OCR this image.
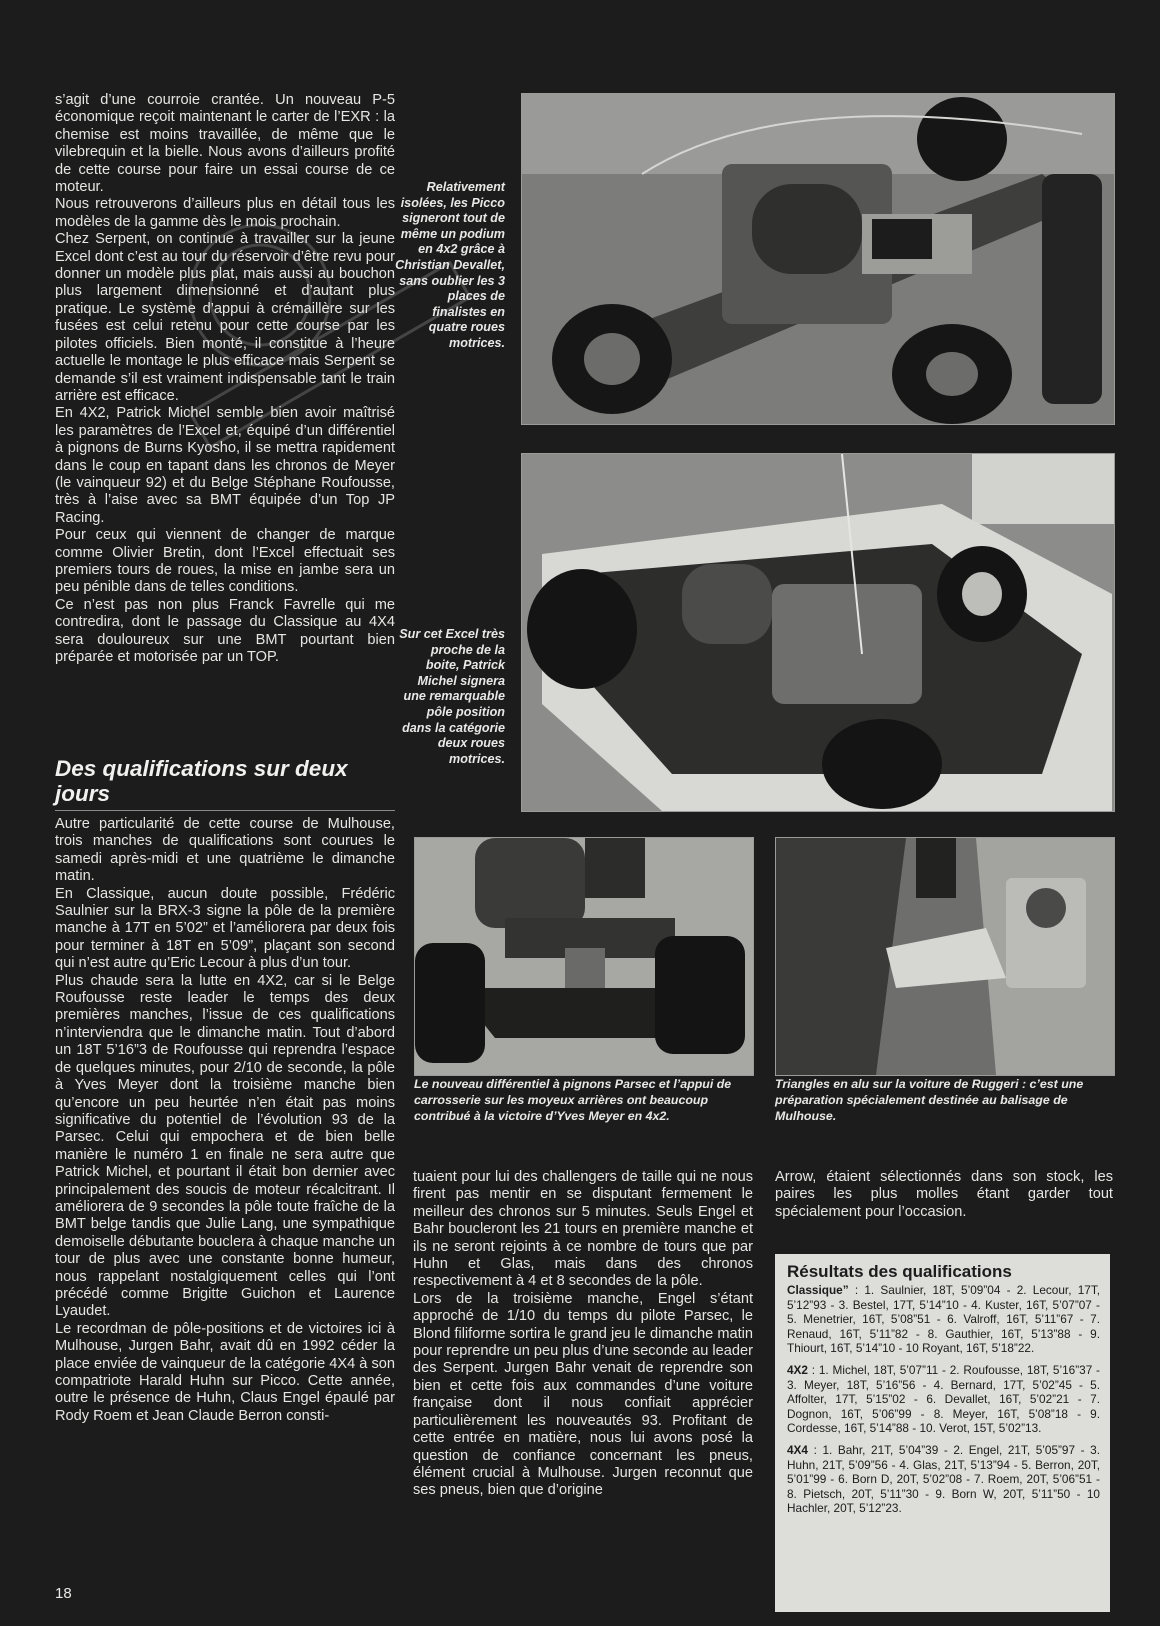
s’agit d’une courroie crantée. Un nouveau P-5 économique reçoit maintenant le carter de l’EXR : la chemise est moins travaillée, de même que le vilebrequin et la bielle. Nous avons d’ailleurs profité de cette course pour faire un essai course de ce moteur.

Nous retrouverons d’ailleurs plus en détail tous les modèles de la gamme dès le mois prochain.

Chez Serpent, on continue à travailler sur la jeune Excel dont c’est au tour du réservoir d’être revu pour donner un modèle plus plat, mais aussi au bouchon plus largement dimensionné et d’autant plus pratique. Le système d’appui à crémaillère sur les fusées est celui retenu pour cette course par les pilotes officiels. Bien monté, il constitue à l’heure actuelle le montage le plus efficace mais Serpent se demande s’il est vraiment indispensable tant le train arrière est efficace.

En 4X2, Patrick Michel semble bien avoir maîtrisé les paramètres de l’Excel et, équipé d’un différentiel à pignons de Burns Kyosho, il se mettra rapidement dans le coup en tapant dans les chronos de Meyer (le vainqueur 92) et du Belge Stéphane Roufousse, très à l’aise avec sa BMT équipée d’un Top JP Racing.

Pour ceux qui viennent de changer de marque comme Olivier Bretin, dont l’Excel effectuait ses premiers tours de roues, la mise en jambe sera un peu pénible dans de telles conditions.

Ce n’est pas non plus Franck Favrelle qui me contredira, dont le passage du Classique au 4X4 sera douloureux sur une BMT pourtant bien préparée et motorisée par un TOP.

Des qualifications sur deux jours

Autre particularité de cette course de Mulhouse, trois manches de qualifications sont courues le samedi après-midi et une quatrième le dimanche matin.

En Classique, aucun doute possible, Frédéric Saulnier sur la BRX-3 signe la pôle de la première manche à 17T en 5’02” et l’améliorera par deux fois pour terminer à 18T en 5’09”, plaçant son second qui n’est autre qu’Eric Lecour à plus d’un tour.

Plus chaude sera la lutte en 4X2, car si le Belge Roufousse reste leader le temps des deux premières manches, l’issue de ces qualifications n’interviendra que le dimanche matin. Tout d’abord un 18T 5’16”3 de Roufousse qui reprendra l’espace de quelques minutes, pour 2/10 de seconde, la pôle à Yves Meyer dont la troisième manche bien qu’encore un peu heurtée n’en était pas moins significative du potentiel de l’évolution 93 de la Parsec. Celui qui empochera et de bien belle manière le numéro 1 en finale ne sera autre que Patrick Michel, et pourtant il était bon dernier avec principalement des soucis de moteur récalcitrant. Il améliorera de 9 secondes la pôle toute fraîche de la BMT belge tandis que Julie Lang, une sympathique demoiselle débutante bouclera à chaque manche un tour de plus avec une constante bonne humeur, nous rappelant nostalgiquement celles qui l’ont précédé comme Brigitte Guichon et Laurence Lyaudet.

Le recordman de pôle-positions et de victoires ici à Mulhouse, Jurgen Bahr, avait dû en 1992 céder la place enviée de vainqueur de la catégorie 4X4 à son compatriote Harald Huhn sur Picco. Cette année, outre le présence de Huhn, Claus Engel épaulé par Rody Roem et Jean Claude Berron consti-

tuaient pour lui des challengers de taille qui ne nous firent pas mentir en se disputant fermement le meilleur des chronos sur 5 minutes. Seuls Engel et Bahr boucleront les 21 tours en première manche et ils ne seront rejoints à ce nombre de tours que par Huhn et Glas, mais dans des chronos respectivement à 4 et 8 secondes de la pôle.

Lors de la troisième manche, Engel s’étant approché de 1/10 du temps du pilote Parsec, le Blond filiforme sortira le grand jeu le dimanche matin pour reprendre un peu plus d’une seconde au leader des Serpent. Jurgen Bahr venait de reprendre son bien et cette fois aux commandes d’une voiture française dont il nous confiait apprécier particulièrement les nouveautés 93. Profitant de cette entrée en matière, nous lui avons posé la question de confiance concernant les pneus, élément crucial à Mulhouse. Jurgen reconnut que ses pneus, bien que d’origine

Arrow, étaient sélectionnés dans son stock, les paires les plus molles étant garder tout spécialement pour l’occasion.

Relativement isolées, les Picco signeront tout de même un podium en 4x2 grâce à Christian Devallet, sans oublier les 3 places de finalistes en quatre roues motrices.
Sur cet Excel très proche de la boite, Patrick Michel signera une remarquable pôle position dans la catégorie deux roues motrices.
Le nouveau différentiel à pignons Parsec et l’appui de carrosserie sur les moyeux arrières ont beaucoup contribué à la victoire d’Yves Meyer en 4x2.
Triangles en alu sur la voiture de Ruggeri : c’est une préparation spécialement destinée au balisage de Mulhouse.
Résultats des qualifications

Classique” : 1. Saulnier, 18T, 5’09”04 - 2. Lecour, 17T, 5’12”93 - 3. Bestel, 17T, 5’14”10 - 4. Kuster, 16T, 5’07”07 - 5. Menetrier, 16T, 5’08”51 - 6. Valroff, 16T, 5’11”67 - 7. Renaud, 16T, 5’11”82 - 8. Gauthier, 16T, 5’13”88 - 9. Thiourt, 16T, 5’14”10 - 10 Royant, 16T, 5’18”22.

4X2 : 1. Michel, 18T, 5’07”11 - 2. Roufousse, 18T, 5’16”37 - 3. Meyer, 18T, 5’16”56 - 4. Bernard, 17T, 5’02”45 - 5. Affolter, 17T, 5’15”02 - 6. Devallet, 16T, 5’02”21 - 7. Dognon, 16T, 5’06”99 - 8. Meyer, 16T, 5’08”18 - 9. Cordesse, 16T, 5’14”88 - 10. Verot, 15T, 5’02”13.

4X4 : 1. Bahr, 21T, 5’04”39 - 2. Engel, 21T, 5’05”97 - 3. Huhn, 21T, 5’09”56 - 4. Glas, 21T, 5’13”94 - 5. Berron, 20T, 5’01”99 - 6. Born D, 20T, 5’02”08 - 7. Roem, 20T, 5’06”51 - 8. Pietsch, 20T, 5’11”30 - 9. Born W, 20T, 5’11”50 - 10 Hachler, 20T, 5’12”23.

18
